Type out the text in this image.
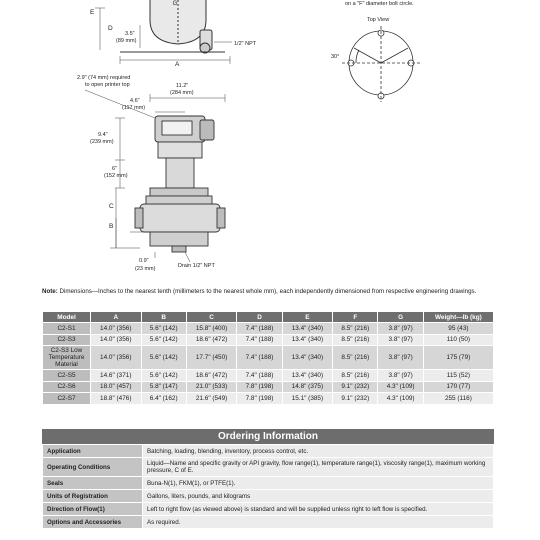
G
E
D
3.5"
(89 mm)	1/2" NPT
A
on a "F" diameter bolt circle.
Top View
30°
2.9" (74 mm) required
to open printer top	11.2"
(284 mm)
4.6"
(117 mm)
9.4"
(239 mm)
6"
(152 mm)
C
B
0.9"
(23 mm)	Drain 1/2" NPT
Note: Dimensions—Inches to the nearest tenth (millimeters to the nearest whole mm), each independently dimensioned from respective engineering drawings.
Model	A	B	C	D	E	F	G	Weight—lb (kg)
C2-S1	14.0" (356)	5.6" (142)	15.8" (400)	7.4" (188)	13.4" (340)	8.5" (216)	3.8" (97)	95 (43)
C2-S3	14.0" (356)	5.6" (142)	18.6" (472)	7.4" (188)	13.4" (340)	8.5" (216)	3.8" (97)	110 (50)
C2-S3 Low Temperature Material	14.0" (356)	5.6" (142)	17.7" (450)	7.4" (188)	13.4" (340)	8.5" (216)	3.8" (97)	175 (79)
C2-S5	14.6" (371)	5.6" (142)	18.6" (472)	7.4" (188)	13.4" (340)	8.5" (216)	3.8" (97)	115 (52)
C2-S6	18.0" (457)	5.8" (147)	21.0" (533)	7.8" (198)	14.8" (375)	9.1" (232)	4.3" (109)	170 (77)
C2-S7	18.8" (476)	6.4" (162)	21.6" (549)	7.8" (198)	15.1" (385)	9.1" (232)	4.3" (109)	255 (116)
Ordering Information
Application	Batching, loading, blending, inventory, process control, etc.
Operating Conditions	Liquid—Name and specific gravity or API gravity, flow range(1), temperature range(1), viscosity range(1), maximum working pressure, C of E.
Seals	Buna-N(1), FKM(1), or PTFE(1).
Units of Registration	Gallons, liters, pounds, and kilograms
Direction of Flow(1)	Left to right flow (as viewed above) is standard and will be supplied unless right to left flow is specified.
Options and Accessories	As required.
